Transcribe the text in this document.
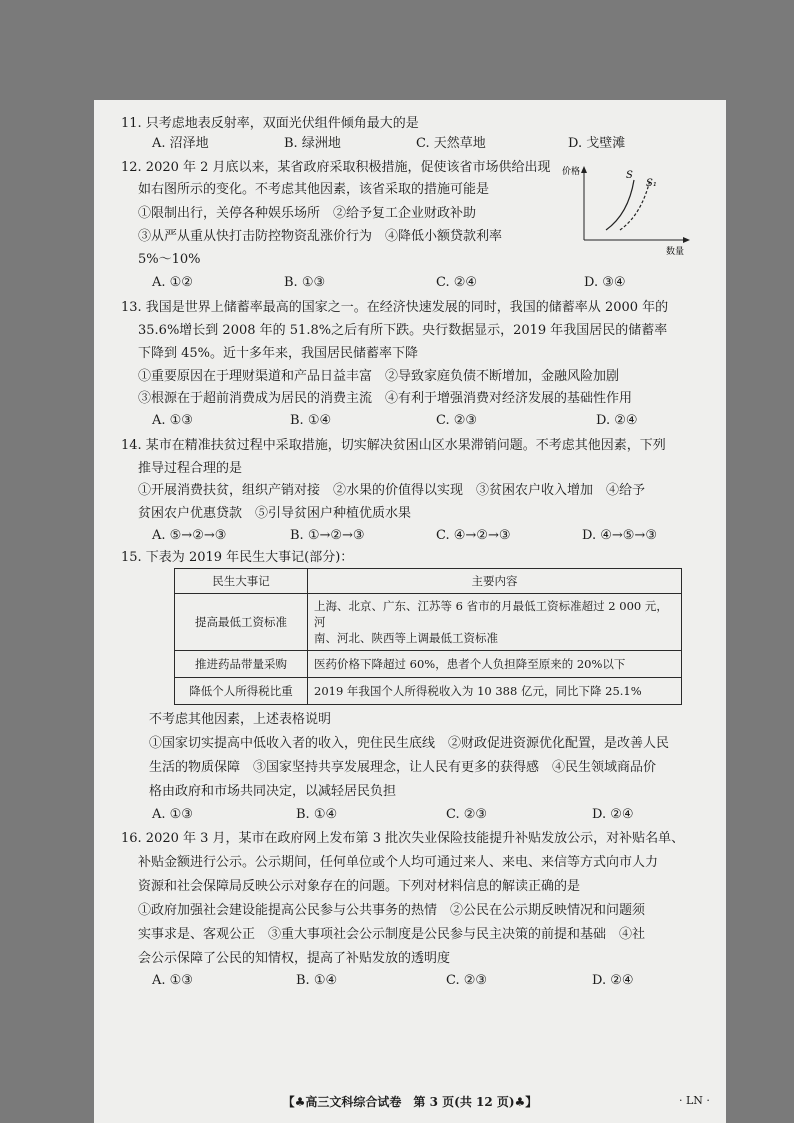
11. 只考虑地表反射率，双面光伏组件倾角最大的是
A. 沼泽地	B. 绿洲地	C. 天然草地	D. 戈壁滩
12. 2020 年 2 月底以来，某省政府采取积极措施，促使该省市场供给出现
如右图所示的变化。不考虑其他因素，该省采取的措施可能是
①限制出行，关停各种娱乐场所　②给予复工企业财政补助
③从严从重从快打击防控物资乱涨价行为　④降低小额贷款利率
5%～10%
A. ①②	B. ①③	C. ②④	D. ③④
价格
数量
S
S₁
13. 我国是世界上储蓄率最高的国家之一。在经济快速发展的同时，我国的储蓄率从 2000 年的
35.6%增长到 2008 年的 51.8%之后有所下跌。央行数据显示，2019 年我国居民的储蓄率
下降到 45%。近十多年来，我国居民储蓄率下降
①重要原因在于理财渠道和产品日益丰富　②导致家庭负债不断增加，金融风险加剧
③根源在于超前消费成为居民的消费主流　④有利于增强消费对经济发展的基础性作用
A. ①③	B. ①④	C. ②③	D. ②④
14. 某市在精准扶贫过程中采取措施，切实解决贫困山区水果滞销问题。不考虑其他因素，下列
推导过程合理的是
①开展消费扶贫，组织产销对接　②水果的价值得以实现　③贫困农户收入增加　④给予
贫困农户优惠贷款　⑤引导贫困户种植优质水果
A. ⑤→②→③	B. ①→②→③	C. ④→②→③	D. ④→⑤→③
15. 下表为 2019 年民生大事记(部分)：
民生大事记	主要内容
提高最低工资标准	上海、北京、广东、江苏等 6 省市的月最低工资标准超过 2 000 元，河
南、河北、陕西等上调最低工资标准

推进药品带量采购	医药价格下降超过 60%，患者个人负担降至原来的 20%以下
降低个人所得税比重	2019 年我国个人所得税收入为 10 388 亿元，同比下降 25.1%
不考虑其他因素，上述表格说明
①国家切实提高中低收入者的收入，兜住民生底线　②财政促进资源优化配置，是改善人民
生活的物质保障　③国家坚持共享发展理念，让人民有更多的获得感　④民生领域商品价
格由政府和市场共同决定，以减轻居民负担
A. ①③	B. ①④	C. ②③	D. ②④
16. 2020 年 3 月，某市在政府网上发布第 3 批次失业保险技能提升补贴发放公示，对补贴名单、
补贴金额进行公示。公示期间，任何单位或个人均可通过来人、来电、来信等方式向市人力
资源和社会保障局反映公示对象存在的问题。下列对材料信息的解读正确的是
①政府加强社会建设能提高公民参与公共事务的热情　②公民在公示期反映情况和问题须
实事求是、客观公正　③重大事项社会公示制度是公民参与民主决策的前提和基础　④社
会公示保障了公民的知情权，提高了补贴发放的透明度
A. ①③	B. ①④	C. ②③	D. ②④
【♣高三文科综合试卷　第 3 页(共 12 页)♣】	· LN ·
